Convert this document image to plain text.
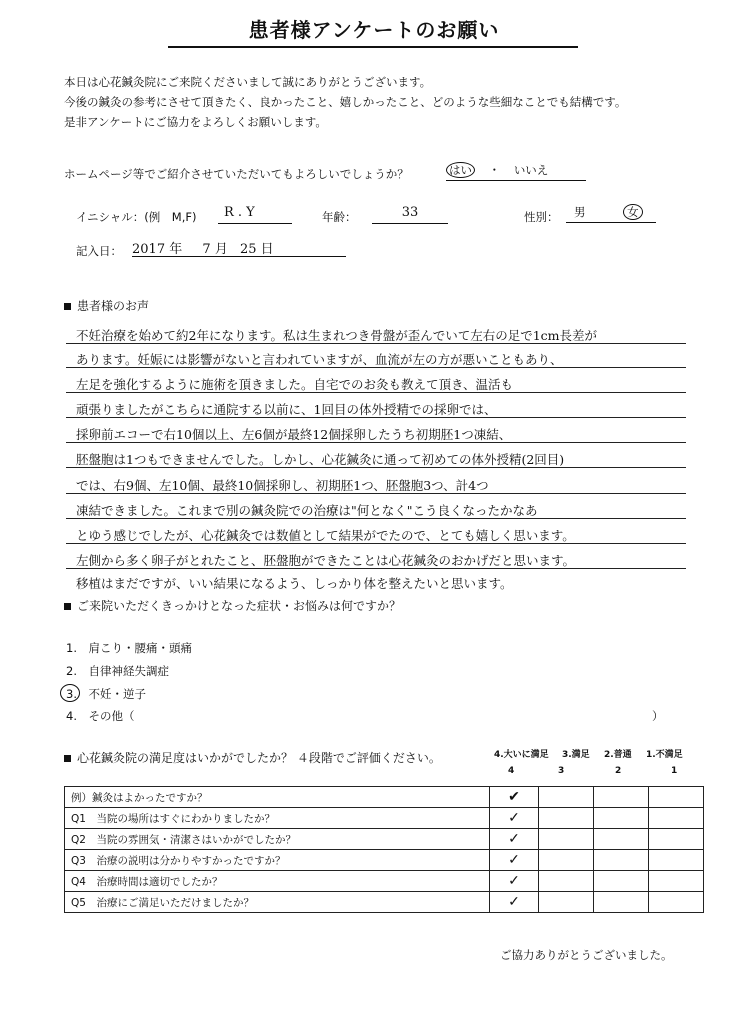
患者様アンケートのお願い
本日は心花鍼灸院にご来院くださいまして誠にありがとうございます。
今後の鍼灸の参考にさせて頂きたく、良かったこと、嬉しかったこと、どのような些細なことでも結構です。
是非アンケートにご協力をよろしくお願いします。
ホームページ等でご紹介させていただいてもよろしいでしょうか？	はい ・ いいえ
イニシャル：(例　M,F)	R . Y	年齢：	33	性別：	男	女
記入日： 2017 年 7 月 25 日
患者様のお声
不妊治療を始めて約2年になります。私は生まれつき骨盤が歪んでいて左右の足で1cm長差が
あります。妊娠には影響がないと言われていますが、血流が左の方が悪いこともあり、
左足を強化するように施術を頂きました。自宅でのお灸も教えて頂き、温活も
頑張りましたがこちらに通院する以前に、1回目の体外授精での採卵では、
採卵前エコーで右10個以上、左6個が最終12個採卵したうち初期胚1つ凍結、
胚盤胞は1つもできませんでした。しかし、心花鍼灸に通って初めての体外授精(2回目)
では、右9個、左10個、最終10個採卵し、初期胚1つ、胚盤胞3つ、計4つ
凍結できました。これまで別の鍼灸院での治療は"何となく"こう良くなったかなあ
とゆう感じでしたが、心花鍼灸では数値として結果がでたので、とても嬉しく思います。
左側から多く卵子がとれたこと、胚盤胞ができたことは心花鍼灸のおかげだと思います。
移植はまだですが、いい結果になるよう、しっかり体を整えたいと思います。
ご来院いただくきっかけとなった症状・お悩みは何ですか？
1.　肩こり・腰痛・頭痛
2.　自律神経失調症
3.　不妊・逆子
4.　その他（	）
心花鍼灸院の満足度はいかがでしたか？ ４段階でご評価ください。	4.大いに満足 3.満足 2.普通 1.不満足
4	3	2	1
例）鍼灸はよかったですか？	✔			
Q1　当院の場所はすぐにわかりましたか？	✓			
Q2　当院の雰囲気・清潔さはいかがでしたか？	✓			
Q3　治療の説明は分かりやすかったですか？	✓			
Q4　治療時間は適切でしたか？	✓			
Q5　治療にご満足いただけましたか？	✓			
ご協力ありがとうございました。
